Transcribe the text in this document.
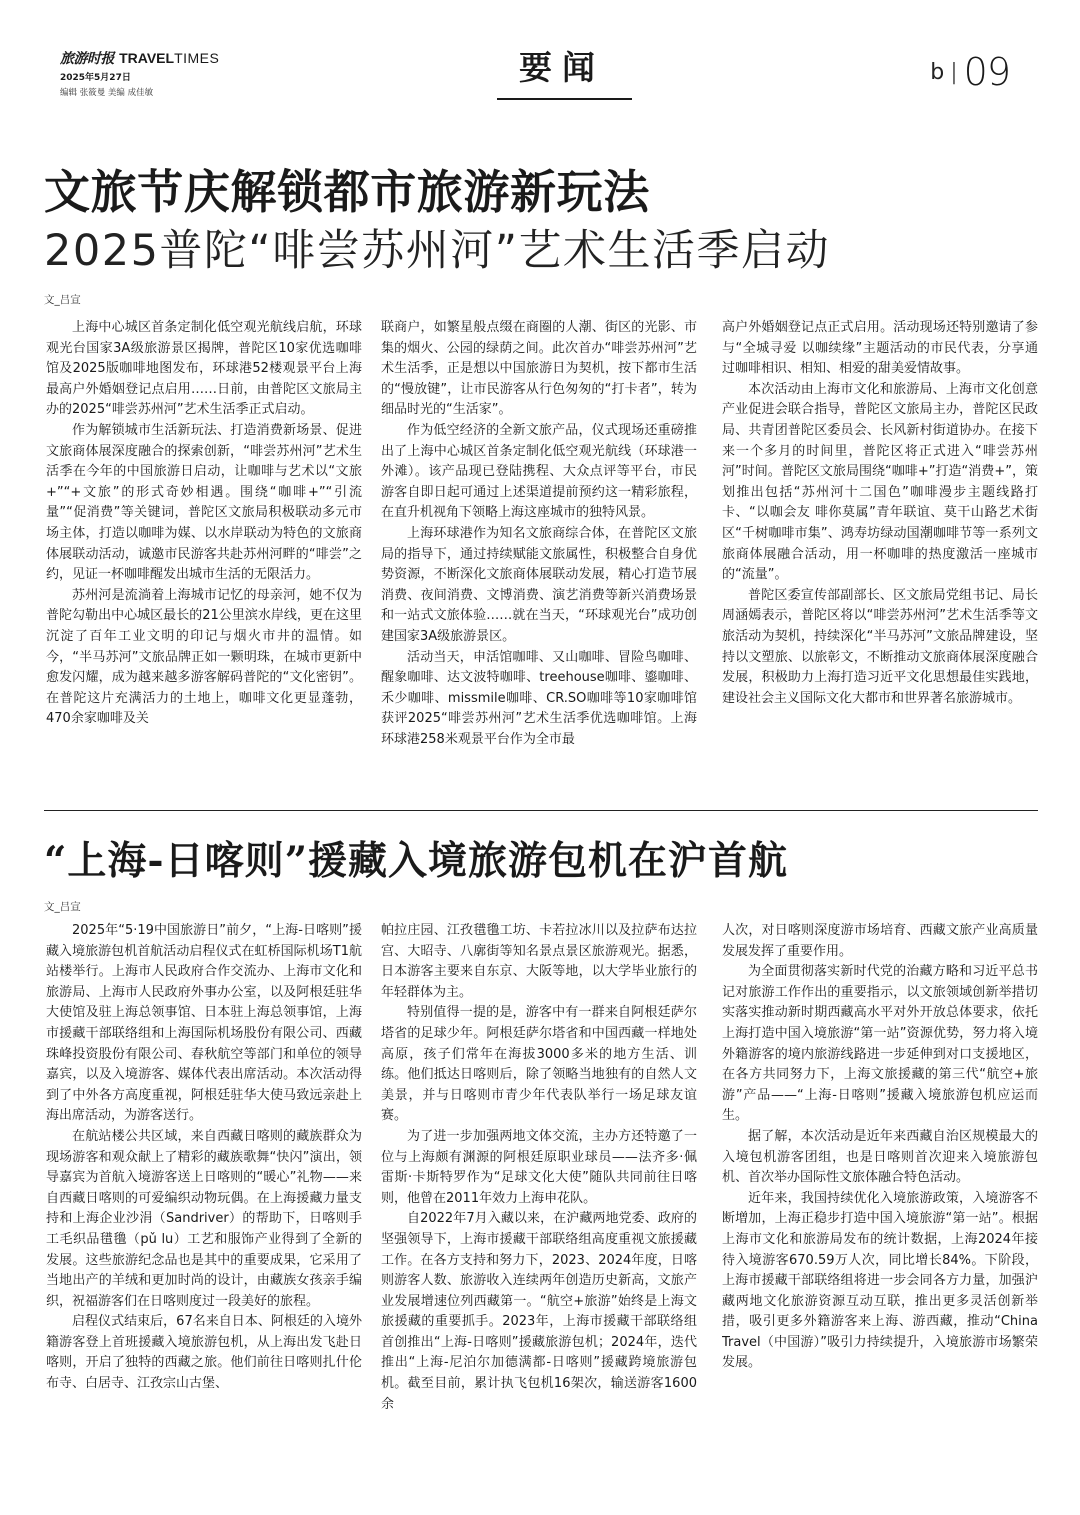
旅游时报 TRAVELTIMES
2025年5月27日
编辑 张筱曼 美编 成佳敏
要闻	b | 09
文旅节庆解锁都市旅游新玩法
2025普陀“啡尝苏州河”艺术生活季启动
文_吕宣

上海中心城区首条定制化低空观光航线启航，环球观光台国家3A级旅游景区揭牌，普陀区10家优选咖啡馆及2025版咖啡地图发布，环球港52楼观景平台上海最高户外婚姻登记点启用……日前，由普陀区文旅局主办的2025“啡尝苏州河”艺术生活季正式启动。

作为解锁城市生活新玩法、打造消费新场景、促进文旅商体展深度融合的探索创新，“啡尝苏州河”艺术生活季在今年的中国旅游日启动，让咖啡与艺术以“文旅+”“+文旅”的形式奇妙相遇。围绕“咖啡+”“引流量”“促消费”等关键词，普陀区文旅局积极联动多元市场主体，打造以咖啡为媒、以水岸联动为特色的文旅商体展联动活动，诚邀市民游客共赴苏州河畔的“啡尝”之约，见证一杯咖啡醒发出城市生活的无限活力。

苏州河是流淌着上海城市记忆的母亲河，她不仅为普陀勾勒出中心城区最长的21公里滨水岸线，更在这里沉淀了百年工业文明的印记与烟火市井的温情。如今，“半马苏河”文旅品牌正如一颗明珠，在城市更新中愈发闪耀，成为越来越多游客解码普陀的“文化密钥”。在普陀这片充满活力的土地上，咖啡文化更显蓬勃，470余家咖啡及关

联商户，如繁星般点缀在商圈的人潮、街区的光影、市集的烟火、公园的绿荫之间。此次首办“啡尝苏州河”艺术生活季，正是想以中国旅游日为契机，按下都市生活的“慢放键”，让市民游客从行色匆匆的“打卡者”，转为细品时光的“生活家”。

作为低空经济的全新文旅产品，仪式现场还重磅推出了上海中心城区首条定制化低空观光航线（环球港一外滩）。该产品现已登陆携程、大众点评等平台，市民游客自即日起可通过上述渠道提前预约这一精彩旅程，在直升机视角下领略上海这座城市的独特风景。

上海环球港作为知名文旅商综合体，在普陀区文旅局的指导下，通过持续赋能文旅属性，积极整合自身优势资源，不断深化文旅商体展联动发展，精心打造节展消费、夜间消费、文博消费、演艺消费等新兴消费场景和一站式文旅体验……就在当天，“环球观光台”成功创建国家3A级旅游景区。

活动当天，申活馆咖啡、又山咖啡、冒险鸟咖啡、醒象咖啡、达文波特咖啡、treehouse咖啡、鎏咖啡、禾少咖啡、missmile咖啡、CR.SO咖啡等10家咖啡馆获评2025“啡尝苏州河”艺术生活季优选咖啡馆。上海环球港258米观景平台作为全市最

高户外婚姻登记点正式启用。活动现场还特别邀请了参与“全城寻爱 以咖续缘”主题活动的市民代表，分享通过咖啡相识、相知、相爱的甜美爱情故事。

本次活动由上海市文化和旅游局、上海市文化创意产业促进会联合指导，普陀区文旅局主办，普陀区民政局、共青团普陀区委员会、长风新村街道协办。在接下来一个多月的时间里，普陀区将正式进入“啡尝苏州河”时间。普陀区文旅局围绕“咖啡+”打造“消费+”，策划推出包括“苏州河十二国色”咖啡漫步主题线路打卡、“以咖会友 啡你莫属”青年联谊、莫干山路艺术街区“千树咖啡市集”、鸿寿坊绿动国潮咖啡节等一系列文旅商体展融合活动，用一杯咖啡的热度激活一座城市的“流量”。

普陀区委宣传部副部长、区文旅局党组书记、局长周涵嫣表示，普陀区将以“啡尝苏州河”艺术生活季等文旅活动为契机，持续深化“半马苏河”文旅品牌建设，坚持以文塑旅、以旅彰文，不断推动文旅商体展深度融合发展，积极助力上海打造习近平文化思想最佳实践地，建设社会主义国际文化大都市和世界著名旅游城市。

“上海-日喀则”援藏入境旅游包机在沪首航
文_吕宣

2025年“5·19中国旅游日”前夕，“上海-日喀则”援藏入境旅游包机首航活动启程仪式在虹桥国际机场T1航站楼举行。上海市人民政府合作交流办、上海市文化和旅游局、上海市人民政府外事办公室，以及阿根廷驻华大使馆及驻上海总领事馆、日本驻上海总领事馆，上海市援藏干部联络组和上海国际机场股份有限公司、西藏珠峰投资股份有限公司、春秋航空等部门和单位的领导嘉宾，以及入境游客、媒体代表出席活动。本次活动得到了中外各方高度重视，阿根廷驻华大使马致远亲赴上海出席活动，为游客送行。

在航站楼公共区域，来自西藏日喀则的藏族群众为现场游客和观众献上了精彩的藏族歌舞“快闪”演出，领导嘉宾为首航入境游客送上日喀则的“暖心”礼物——来自西藏日喀则的可爱编织动物玩偶。在上海援藏力量支持和上海企业沙涓（Sandriver）的帮助下，日喀则手工毛织品氆氇（pǔ lu）工艺和服饰产业得到了全新的发展。这些旅游纪念品也是其中的重要成果，它采用了当地出产的羊绒和更加时尚的设计，由藏族女孩亲手编织，祝福游客们在日喀则度过一段美好的旅程。

启程仪式结束后，67名来自日本、阿根廷的入境外籍游客登上首班援藏入境旅游包机，从上海出发飞赴日喀则，开启了独特的西藏之旅。他们前往日喀则扎什伦布寺、白居寺、江孜宗山古堡、

帕拉庄园、江孜氆氇工坊、卡若拉冰川以及拉萨布达拉宫、大昭寺、八廓街等知名景点景区旅游观光。据悉，日本游客主要来自东京、大阪等地，以大学毕业旅行的年轻群体为主。

特别值得一提的是，游客中有一群来自阿根廷萨尔塔省的足球少年。阿根廷萨尔塔省和中国西藏一样地处高原，孩子们常年在海拔3000多米的地方生活、训练。他们抵达日喀则后，除了领略当地独有的自然人文美景，并与日喀则市青少年代表队举行一场足球友谊赛。

为了进一步加强两地文体交流，主办方还特邀了一位与上海颇有渊源的阿根廷原职业球员——法齐多·佩雷斯·卡斯特罗作为“足球文化大使”随队共同前往日喀则，他曾在2011年效力上海申花队。

自2022年7月入藏以来，在沪藏两地党委、政府的坚强领导下，上海市援藏干部联络组高度重视文旅援藏工作。在各方支持和努力下，2023、2024年度，日喀则游客人数、旅游收入连续两年创造历史新高，文旅产业发展增速位列西藏第一。“航空+旅游”始终是上海文旅援藏的重要抓手。2023年，上海市援藏干部联络组首创推出“上海-日喀则”援藏旅游包机；2024年，迭代推出“上海-尼泊尔加德满都-日喀则”援藏跨境旅游包机。截至目前，累计执飞包机16架次，输送游客1600余

人次，对日喀则深度游市场培育、西藏文旅产业高质量发展发挥了重要作用。

为全面贯彻落实新时代党的治藏方略和习近平总书记对旅游工作作出的重要指示，以文旅领域创新举措切实落实推动新时期西藏高水平对外开放总体要求，依托上海打造中国入境旅游“第一站”资源优势，努力将入境外籍游客的境内旅游线路进一步延伸到对口支援地区，在各方共同努力下，上海文旅援藏的第三代“航空+旅游”产品——“上海-日喀则”援藏入境旅游包机应运而生。

据了解，本次活动是近年来西藏自治区规模最大的入境包机游客团组，也是日喀则首次迎来入境旅游包机、首次举办国际性文旅体融合特色活动。

近年来，我国持续优化入境旅游政策，入境游客不断增加，上海正稳步打造中国入境旅游“第一站”。根据上海市文化和旅游局发布的统计数据，上海2024年接待入境游客670.59万人次，同比增长84%。下阶段，上海市援藏干部联络组将进一步会同各方力量，加强沪藏两地文化旅游资源互动互联，推出更多灵活创新举措，吸引更多外籍游客来上海、游西藏，推动“China Travel（中国游）”吸引力持续提升，入境旅游市场繁荣发展。
